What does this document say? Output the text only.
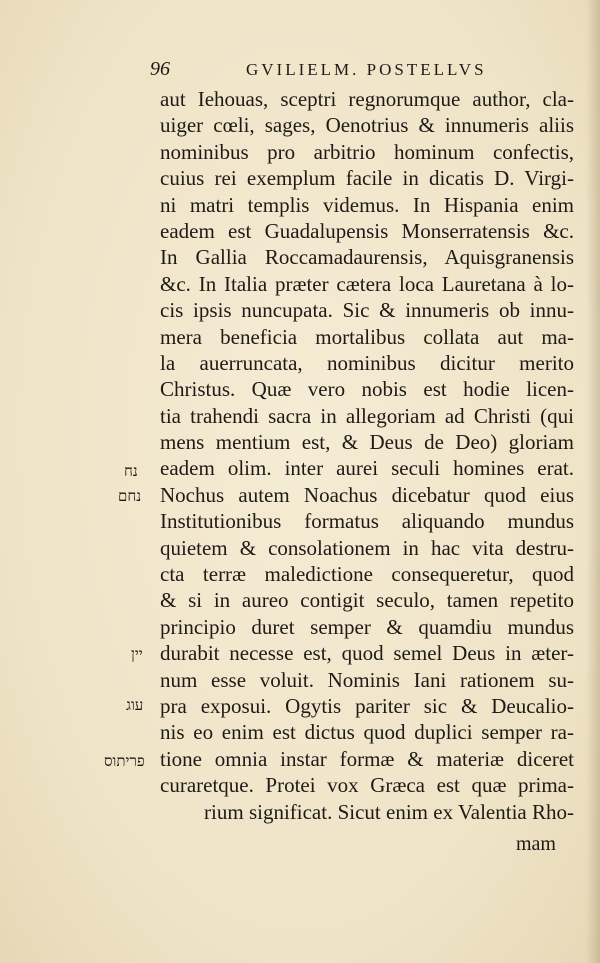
96	GVILIELM. POSTELLVS
aut Iehouas, sceptri regnorumque author, cla-
uiger cœli, sages, Oenotrius & innumeris aliis
nominibus pro arbitrio hominum confectis,
cuius rei exemplum facile in dicatis D. Virgi-
ni matri templis videmus. In Hispania enim
eadem est Guadalupensis Monserratensis &c.
In Gallia Roccamadaurensis, Aquisgranensis
&c. In Italia præter cætera loca Lauretana à lo-
cis ipsis nuncupata. Sic & innumeris ob innu-
mera beneficia mortalibus collata aut ma-
la auerruncata, nominibus dicitur merito
Christus. Quæ vero nobis est hodie licen-
tia trahendi sacra in allegoriam ad Christi (qui
mens mentium est, & Deus de Deo) gloriam
eadem olim. inter aurei seculi homines erat.
Nochus autem Noachus dicebatur quod eius
Institutionibus formatus aliquando mundus
quietem & consolationem in hac vita destru-
cta terræ maledictione consequeretur, quod
& si in aureo contigit seculo, tamen repetito
principio duret semper & quamdiu mundus
durabit necesse est, quod semel Deus in æter-
num esse voluit. Nominis Iani rationem su-
pra exposui. Ogytis pariter sic & Deucalio-
nis eo enim est dictus quod duplici semper ra-
tione omnia instar formæ & materiæ diceret
curaretque. Protei vox Græca est quæ prima-
rium significat. Sicut enim ex Valentia Rho-
mam
נח
נחם
יין
עוג
פריתוס
